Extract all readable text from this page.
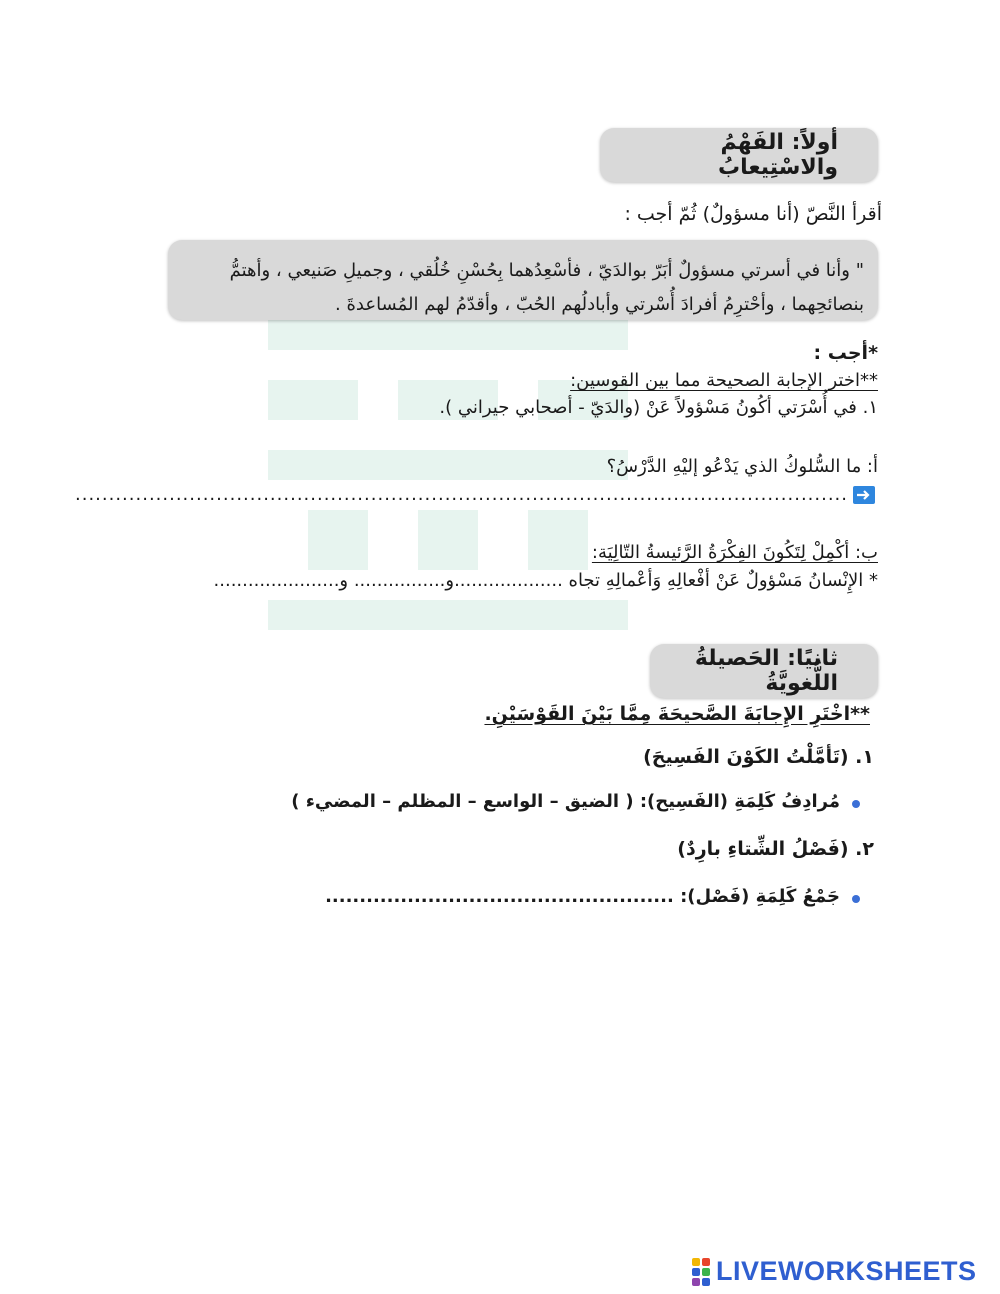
أولاً: الفَهْمُ والاسْتِيعابُ
أقرأ النَّصّ (أنا مسؤولٌ) ثُمّ أجب :
" وأنا في أسرتي مسؤولٌ أبَرّ بوالدَيّ ، فأسْعِدُهما بِحُسْنِ خُلُقي ، وجميلِ صَنيعي ، وأهتمُّ
بنصائحِهما ، وأحْترِمُ أفرادَ أُسْرتي وأبادلُهم الحُبّ ، وأقدّمُ لهم المُساعدةَ .
*أجب :
**اختر الإجابة الصحيحة مما بين القوسين:
١. في أُسْرَتي أكُونُ مَسْؤولاً عَنْ (والدَيّ - أصحابي جيراني ).
أ: ما السُّلوكُ الذي يَدْعُو إليْهِ الدَّرْسُ؟
...................................................................................................................
ب: أكْمِلْ لِتَكُونَ الفِكْرَةُ الرَّئيسةُ التّالِيَة:
* الإِنْسانُ مَسْؤولٌ عَنْ أفْعالِهِ وَأعْمالِهِ تجاه ...................و................ و......................
ثانيًا: الحَصيلةُ اللُّغويَّةُ
**اخْتَرِ الإِجابَةَ الصَّحيحَةَ مِمَّا بَيْنَ القَوْسَيْنِ.
١. (تَأمَّلْتُ الكَوْنَ الفَسِيحَ)
مُرادِفُ كَلِمَةِ (الفَسِيح): ( الضيق – الواسع – المظلم – المضيء )
٢. (فَصْلُ الشِّتاءِ بارِدٌ)
جَمْعُ كَلِمَةِ (فَصْل): ...................................................
LIVEWORKSHEETS
